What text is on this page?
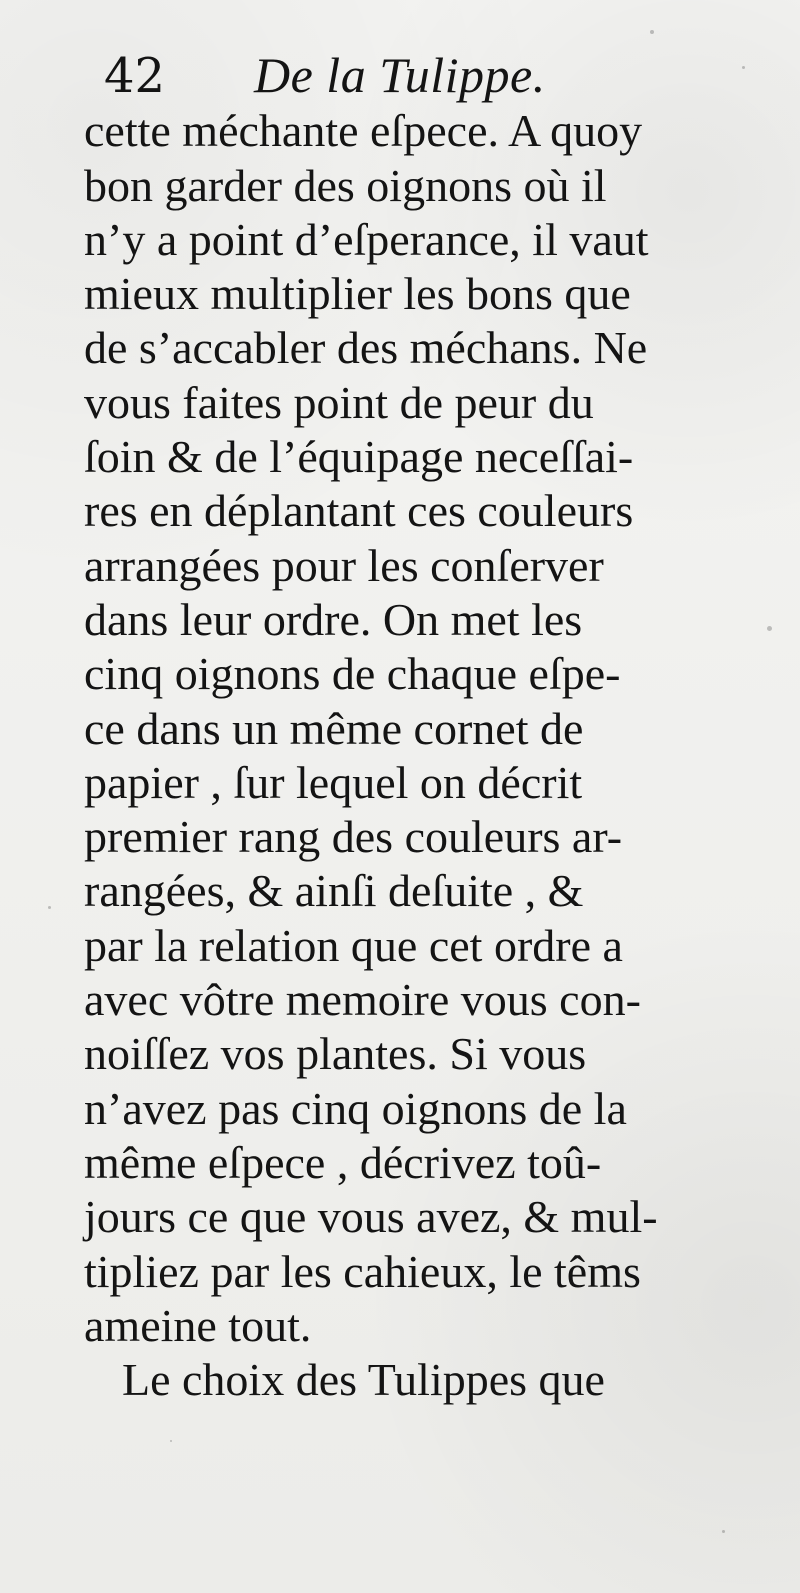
42 De la Tulippe.
cette méchante eſpece. A quoy
bon garder des oignons où il
n’y a point d’eſperance, il vaut
mieux multiplier les bons que
de s’accabler des méchans. Ne
vous faites point de peur du
ſoin & de l’équipage neceſſai-
res en déplantant ces couleurs
arrangées pour les conſerver
dans leur ordre. On met les
cinq oignons de chaque eſpe-
ce dans un même cornet de
papier , ſur lequel on décrit
premier rang des couleurs ar-
rangées, & ainſi deſuite , &
par la relation que cet ordre a
avec vôtre memoire vous con-
noiſſez vos plantes. Si vous
n’avez pas cinq oignons de la
même eſpece , décrivez toû-
jours ce que vous avez, & mul-
tipliez par les cahieux, le têms
ameine tout.
Le choix des Tulippes que
